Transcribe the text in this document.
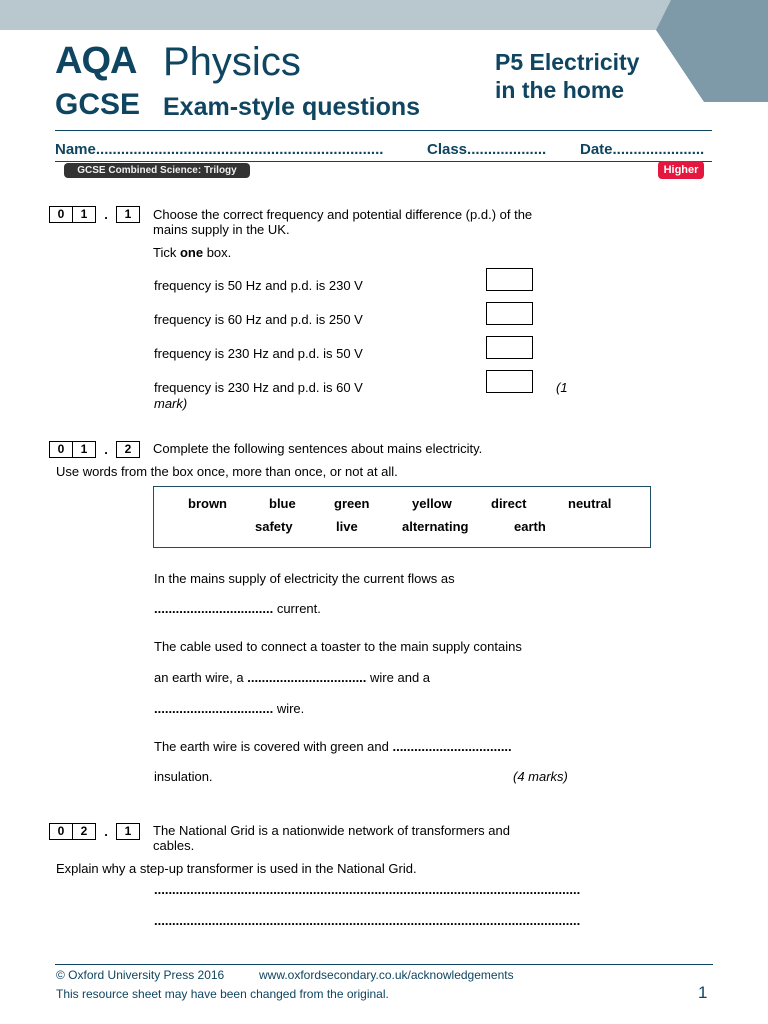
AQA Physics
GCSE Exam-style questions
P5 Electricity
in the home
Name.....................................................................	Class................... Date......................
GCSE Combined Science: Trilogy	Higher
0	1	.	1	Choose the correct frequency and potential difference (p.d.) of the
mains supply in the UK.
Tick one box.
frequency is 50 Hz and p.d. is 230 V
frequency is 60 Hz and p.d. is 250 V
frequency is 230 Hz and p.d. is 50 V
frequency is 230 Hz and p.d. is 60 V	(1
mark)
0	1	.	2	Complete the following sentences about mains electricity.
Use words from the box once, more than once, or not at all.
brown	blue	green	yellow	direct	neutral
safety	live	alternating	earth
In the mains supply of electricity the current flows as
................................. current.
The cable used to connect a toaster to the main supply contains
an earth wire, a ................................. wire and a
................................. wire.
The earth wire is covered with green and .................................
insulation.	(4 marks)
0	2	.	1	The National Grid is a nationwide network of transformers and
cables.
Explain why a step-up transformer is used in the National Grid.
......................................................................................................................
......................................................................................................................
© Oxford University Press 2016	www.oxfordsecondary.co.uk/acknowledgements
This resource sheet may have been changed from the original.	1
